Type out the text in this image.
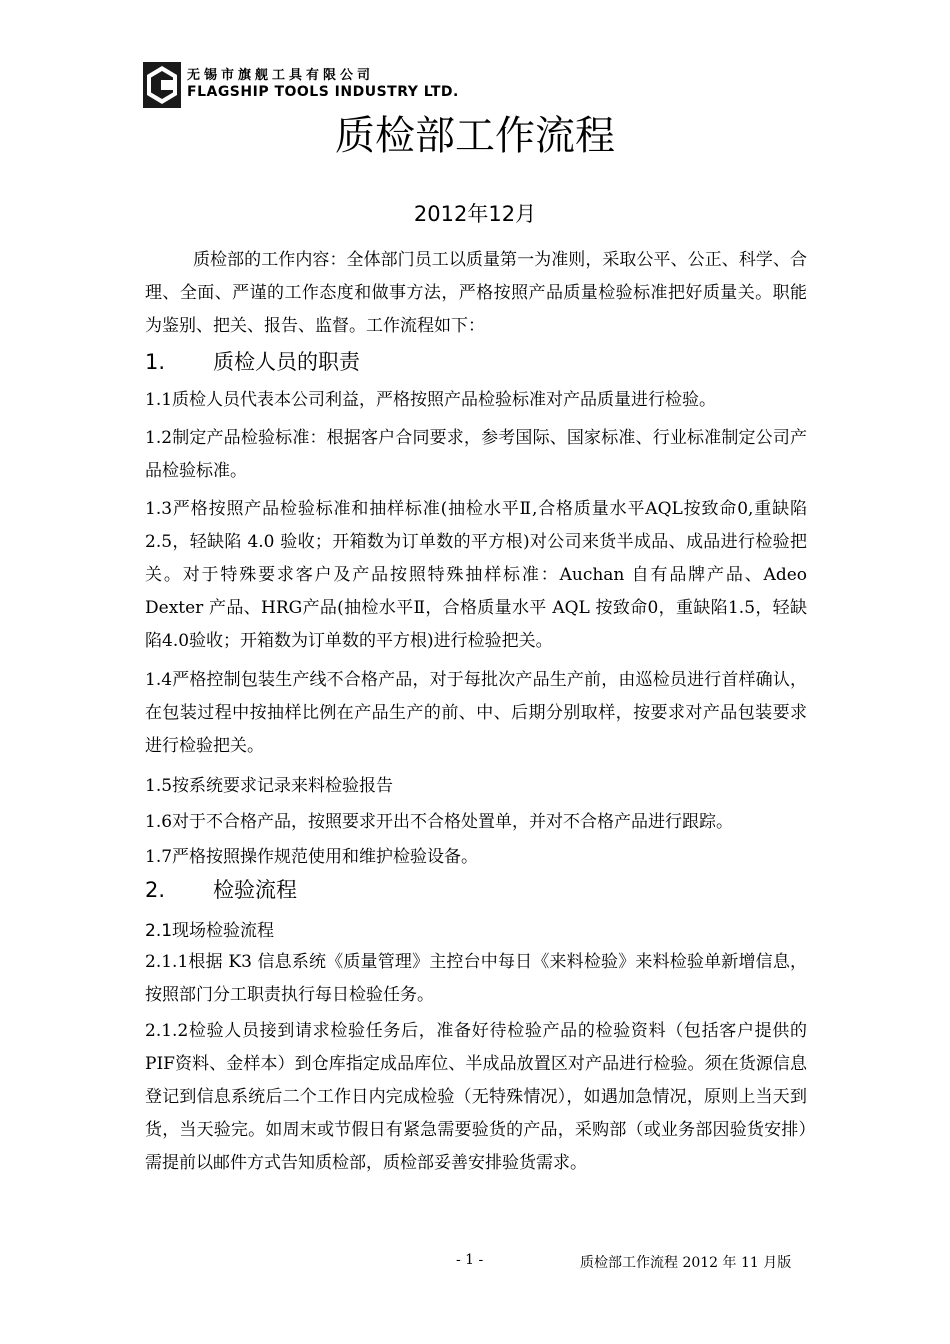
无锡市旗舰工具有限公司
FLAGSHIP TOOLS INDUSTRY LTD.
质检部工作流程
2012年12月
质检部的工作内容：全体部门员工以质量第一为准则，采取公平、公正、科学、合理、全面、严谨的工作态度和做事方法，严格按照产品质量检验标准把好质量关。职能为鉴别、把关、报告、监督。工作流程如下：
1. 质检人员的职责
1.1质检人员代表本公司利益，严格按照产品检验标准对产品质量进行检验。
1.2制定产品检验标准：根据客户合同要求，参考国际、国家标准、行业标准制定公司产品检验标准。
1.3严格按照产品检验标准和抽样标准(抽检水平Ⅱ,合格质量水平AQL按致命0,重缺陷 2.5，轻缺陷 4.0 验收；开箱数为订单数的平方根)对公司来货半成品、成品进行检验把关。对于特殊要求客户及产品按照特殊抽样标准：Auchan 自有品牌产品、Adeo Dexter 产品、HRG产品(抽检水平Ⅱ，合格质量水平 AQL 按致命0，重缺陷1.5，轻缺陷4.0验收；开箱数为订单数的平方根)进行检验把关。
1.4严格控制包装生产线不合格产品，对于每批次产品生产前，由巡检员进行首样确认，在包装过程中按抽样比例在产品生产的前、中、后期分别取样，按要求对产品包装要求进行检验把关。
1.5按系统要求记录来料检验报告
1.6对于不合格产品，按照要求开出不合格处置单，并对不合格产品进行跟踪。
1.7严格按照操作规范使用和维护检验设备。
2. 检验流程
2.1现场检验流程
2.1.1根据 K3 信息系统《质量管理》主控台中每日《来料检验》来料检验单新增信息，按照部门分工职责执行每日检验任务。
2.1.2检验人员接到请求检验任务后，准备好待检验产品的检验资料（包括客户提供的PIF资料、金样本）到仓库指定成品库位、半成品放置区对产品进行检验。须在货源信息登记到信息系统后二个工作日内完成检验（无特殊情况），如遇加急情况，原则上当天到货，当天验完。如周末或节假日有紧急需要验货的产品，采购部（或业务部因验货安排）需提前以邮件方式告知质检部，质检部妥善安排验货需求。
- 1 -	质检部工作流程 2012 年 11 月版
